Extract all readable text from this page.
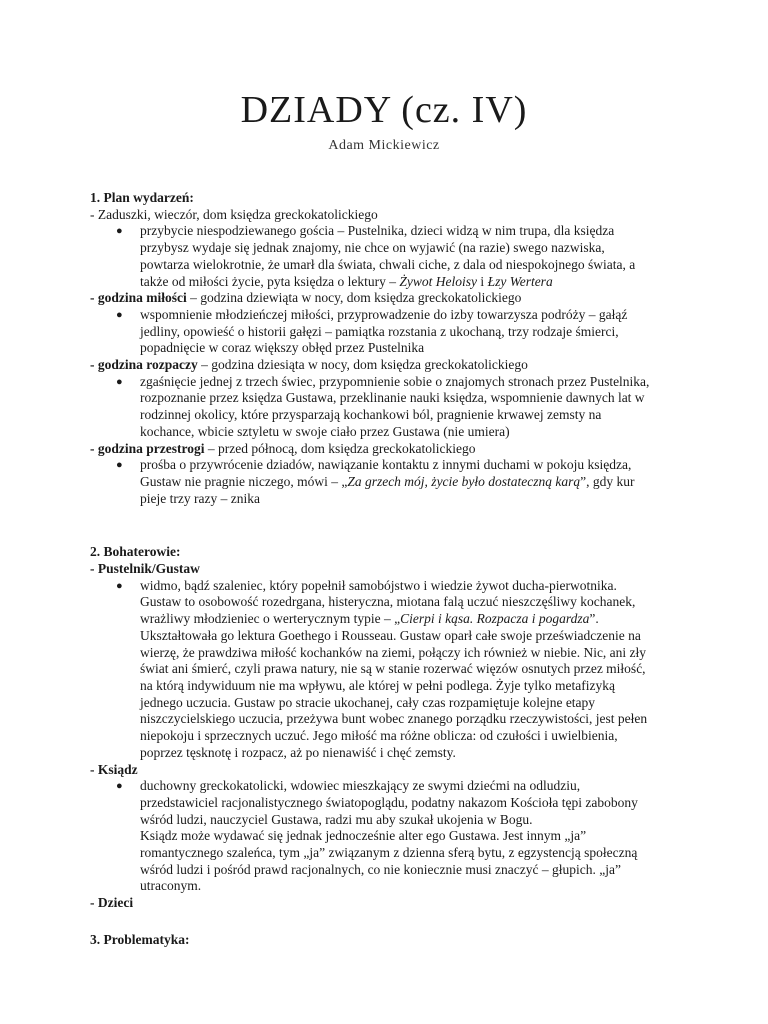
DZIADY (cz. IV)
Adam Mickiewicz
1. Plan wydarzeń:
- Zaduszki, wieczór, dom księdza greckokatolickiego
● przybycie niespodziewanego gościa – Pustelnika, dzieci widzą w nim trupa, dla księdza
przybysz wydaje się jednak znajomy, nie chce on wyjawić (na razie) swego nazwiska,
powtarza wielokrotnie, że umarł dla świata, chwali ciche, z dala od niespokojnego świata, a
także od miłości życie, pyta księdza o lektury – Żywot Heloisy i Łzy Wertera
- godzina miłości – godzina dziewiąta w nocy, dom księdza greckokatolickiego
● wspomnienie młodzieńczej miłości, przyprowadzenie do izby towarzysza podróży – gałąź
jedliny, opowieść o historii gałęzi – pamiątka rozstania z ukochaną, trzy rodzaje śmierci,
popadnięcie w coraz większy obłęd przez Pustelnika
- godzina rozpaczy – godzina dziesiąta w nocy, dom księdza greckokatolickiego
● zgaśnięcie jednej z trzech świec, przypomnienie sobie o znajomych stronach przez Pustelnika,
rozpoznanie przez księdza Gustawa, przeklinanie nauki księdza, wspomnienie dawnych lat w
rodzinnej okolicy, które przysparzają kochankowi ból, pragnienie krwawej zemsty na
kochance, wbicie sztyletu w swoje ciało przez Gustawa (nie umiera)
- godzina przestrogi – przed północą, dom księdza greckokatolickiego
● prośba o przywrócenie dziadów, nawiązanie kontaktu z innymi duchami w pokoju księdza,
Gustaw nie pragnie niczego, mówi – „Za grzech mój, życie było dostateczną karą”, gdy kur
pieje trzy razy – znika
2. Bohaterowie:
- Pustelnik/Gustaw
● widmo, bądź szaleniec, który popełnił samobójstwo i wiedzie żywot ducha-pierwotnika.
Gustaw to osobowość rozedrgana, histeryczna, miotana falą uczuć nieszczęśliwy kochanek,
wrażliwy młodzieniec o werterycznym typie – „Cierpi i kąsa. Rozpacza i pogardza”.
Ukształtowała go lektura Goethego i Rousseau. Gustaw oparł całe swoje przeświadczenie na
wierzę, że prawdziwa miłość kochanków na ziemi, połączy ich również w niebie. Nic, ani zły
świat ani śmierć, czyli prawa natury, nie są w stanie rozerwać więzów osnutych przez miłość,
na którą indywiduum nie ma wpływu, ale której w pełni podlega. Żyje tylko metafizyką
jednego uczucia. Gustaw po stracie ukochanej, cały czas rozpamiętuje kolejne etapy
niszczycielskiego uczucia, przeżywa bunt wobec znanego porządku rzeczywistości, jest pełen
niepokoju i sprzecznych uczuć. Jego miłość ma różne oblicza: od czułości i uwielbienia,
poprzez tęsknotę i rozpacz, aż po nienawiść i chęć zemsty.
- Ksiądz
● duchowny greckokatolicki, wdowiec mieszkający ze swymi dziećmi na odludziu,
przedstawiciel racjonalistycznego światopoglądu, podatny nakazom Kościoła tępi zabobony
wśród ludzi, nauczyciel Gustawa, radzi mu aby szukał ukojenia w Bogu.
Ksiądz może wydawać się jednak jednocześnie alter ego Gustawa. Jest innym „ja”
romantycznego szaleńca, tym „ja” związanym z dzienna sferą bytu, z egzystencją społeczną
wśród ludzi i pośród prawd racjonalnych, co nie koniecznie musi znaczyć – głupich. „ja”
utraconym.
- Dzieci
3. Problematyka:
